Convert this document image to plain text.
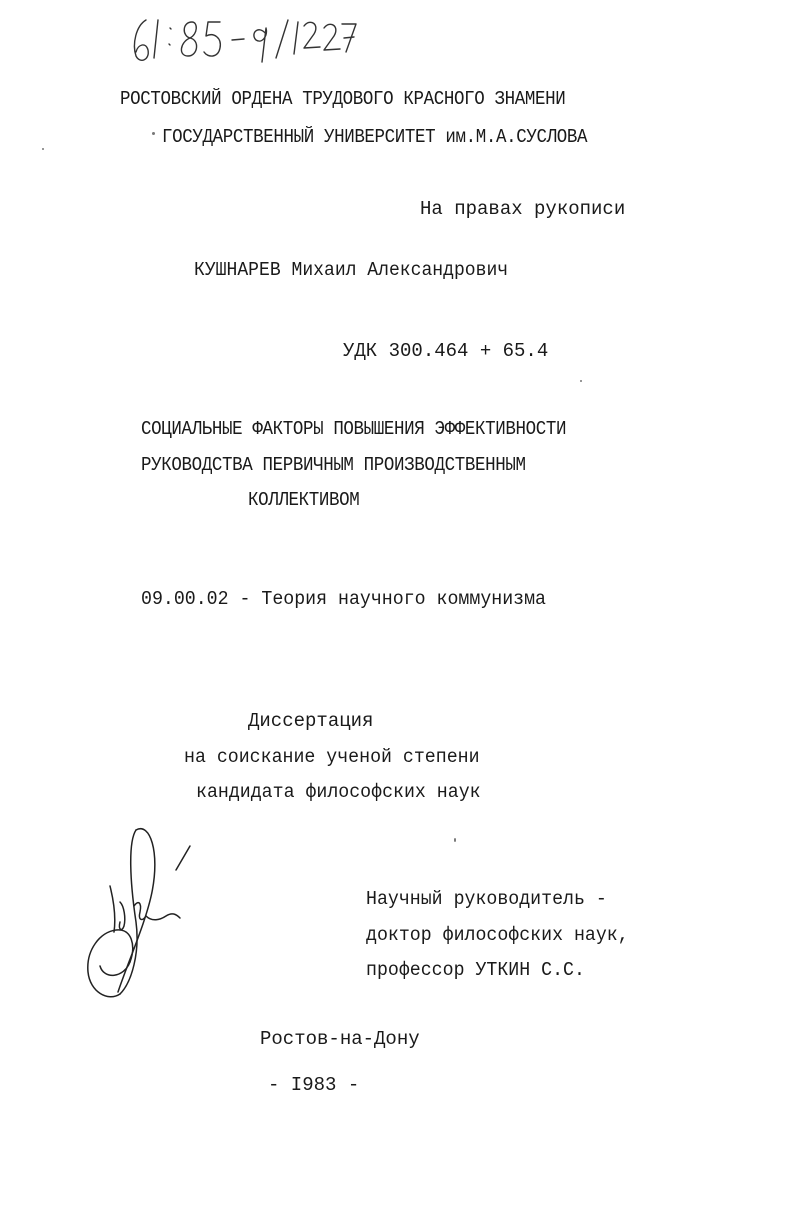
РОСТОВСКИЙ ОРДЕНА ТРУДОВОГО КРАСНОГО ЗНАМЕНИ
ГОСУДАРСТВЕННЫЙ УНИВЕРСИТЕТ им.М.А.СУСЛОВА
На правах рукописи
КУШНАРЕВ Михаил Александрович
УДК 300.464 + 65.4
СОЦИАЛЬНЫЕ ФАКТОРЫ ПОВЫШЕНИЯ ЭФФЕКТИВНОСТИ
РУКОВОДСТВА ПЕРВИЧНЫМ ПРОИЗВОДСТВЕННЫМ
КОЛЛЕКТИВОМ
09.00.02 - Теория научного коммунизма
Диссертация
на соискание ученой степени
кандидата философских наук
Научный руководитель -
доктор философских наук,
профессор УТКИН С.С.
Ростов-на-Дону
- I983 -
